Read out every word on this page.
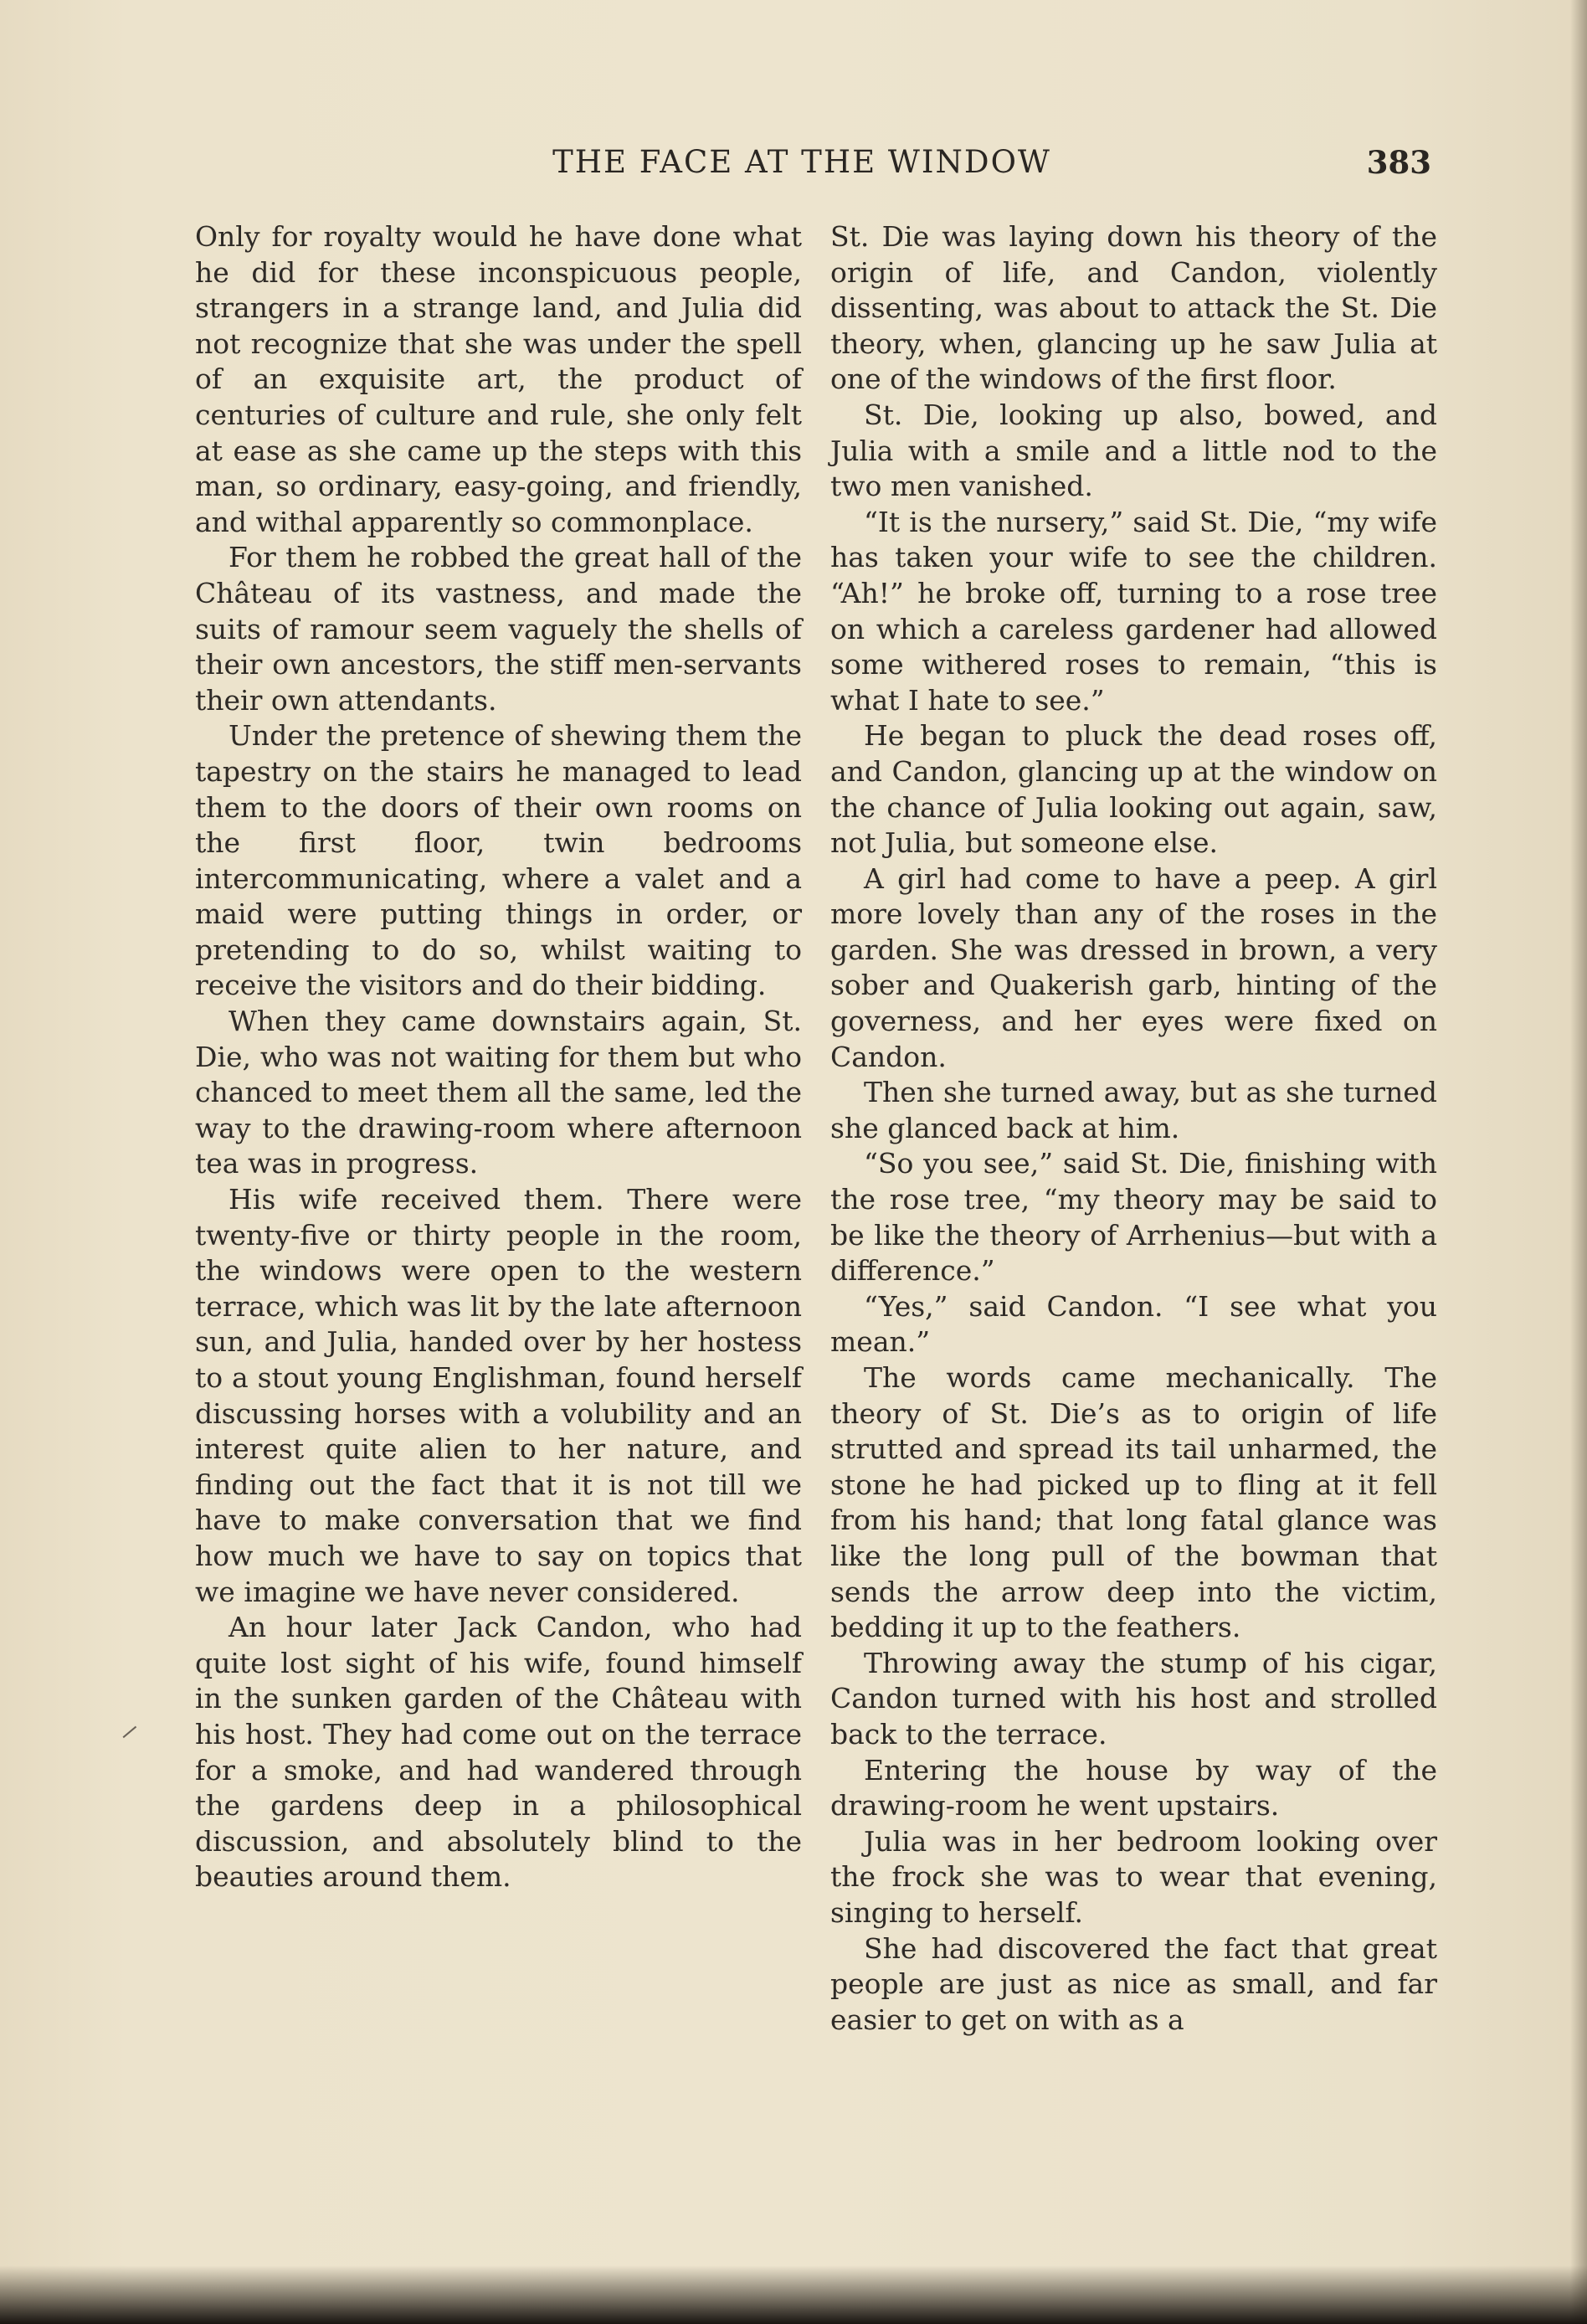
THE FACE AT THE WINDOW	383

Only for royalty would he have done what he did for these inconspicuous people, strangers in a strange land, and Julia did not recognize that she was under the spell of an exquisite art, the product of centuries of culture and rule, she only felt at ease as she came up the steps with this man, so ordinary, easy-going, and friendly, and withal apparently so commonplace.

For them he robbed the great hall of the Château of its vastness, and made the suits of ramour seem vaguely the shells of their own ancestors, the stiff men-servants their own attendants.

Under the pretence of shewing them the tapestry on the stairs he managed to lead them to the doors of their own rooms on the first floor, twin bedrooms intercommunicating, where a valet and a maid were putting things in order, or pretending to do so, whilst waiting to receive the visitors and do their bidding.

When they came downstairs again, St. Die, who was not waiting for them but who chanced to meet them all the same, led the way to the drawing-room where afternoon tea was in progress.

His wife received them. There were twenty-five or thirty people in the room, the windows were open to the western terrace, which was lit by the late afternoon sun, and Julia, handed over by her hostess to a stout young Englishman, found herself discussing horses with a volubility and an interest quite alien to her nature, and finding out the fact that it is not till we have to make conversation that we find how much we have to say on topics that we imagine we have never considered.

An hour later Jack Candon, who had quite lost sight of his wife, found himself in the sunken garden of the Château with his host. They had come out on the terrace for a smoke, and had wandered through the gardens deep in a philosophical discussion, and absolutely blind to the beauties around them.

St. Die was laying down his theory of the origin of life, and Candon, violently dissenting, was about to attack the St. Die theory, when, glancing up he saw Julia at one of the windows of the first floor.

St. Die, looking up also, bowed, and Julia with a smile and a little nod to the two men vanished.

“It is the nursery,” said St. Die, “my wife has taken your wife to see the children. “Ah!” he broke off, turning to a rose tree on which a careless gardener had allowed some withered roses to remain, “this is what I hate to see.”

He began to pluck the dead roses off, and Candon, glancing up at the window on the chance of Julia looking out again, saw, not Julia, but someone else.

A girl had come to have a peep. A girl more lovely than any of the roses in the garden. She was dressed in brown, a very sober and Quakerish garb, hinting of the governess, and her eyes were fixed on Candon.

Then she turned away, but as she turned she glanced back at him.

“So you see,” said St. Die, finishing with the rose tree, “my theory may be said to be like the theory of Arrhenius—but with a difference.”

“Yes,” said Candon. “I see what you mean.”

The words came mechanically. The theory of St. Die’s as to origin of life strutted and spread its tail unharmed, the stone he had picked up to fling at it fell from his hand; that long fatal glance was like the long pull of the bowman that sends the arrow deep into the victim, bedding it up to the feathers.

Throwing away the stump of his cigar, Candon turned with his host and strolled back to the terrace.

Entering the house by way of the drawing-room he went upstairs.

Julia was in her bedroom looking over the frock she was to wear that evening, singing to herself.

She had discovered the fact that great people are just as nice as small, and far easier to get on with as a
